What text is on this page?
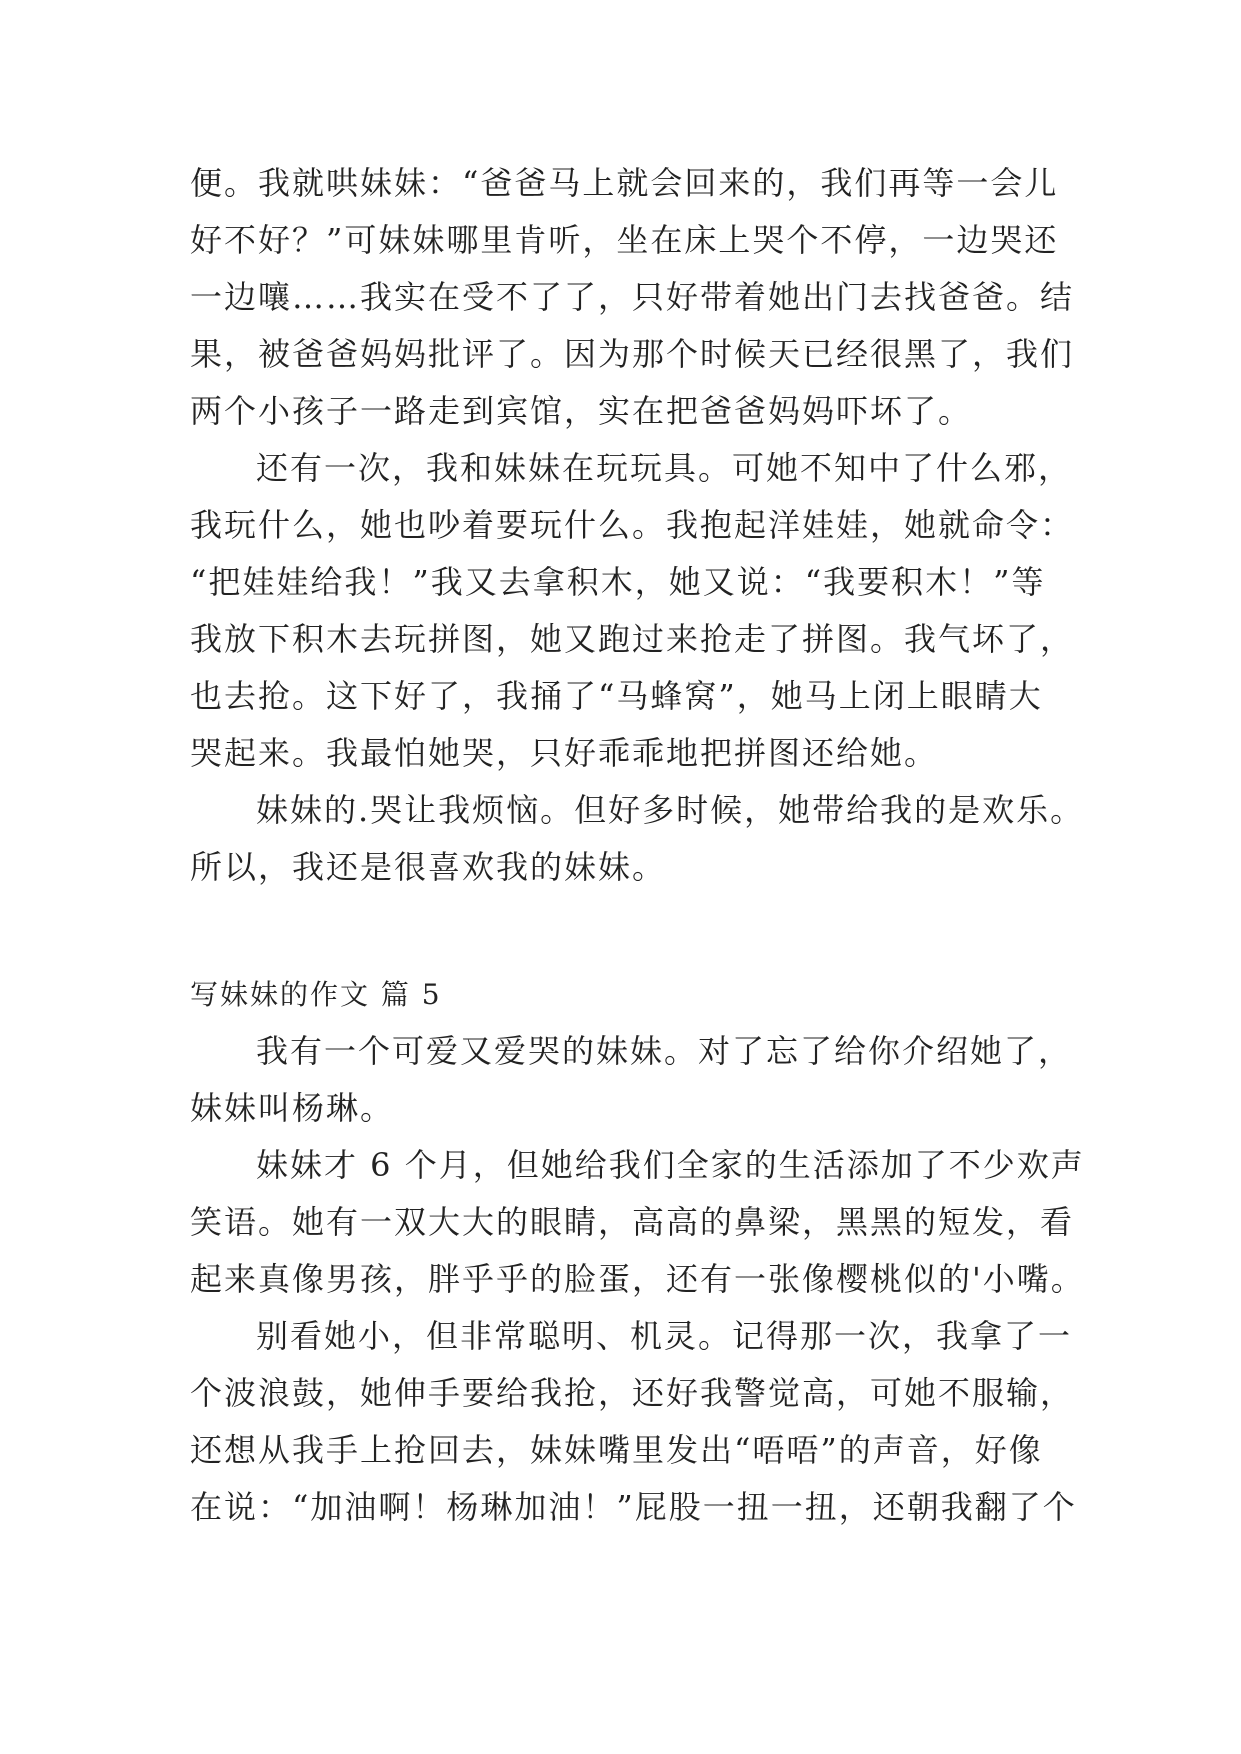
便。我就哄妹妹：“爸爸马上就会回来的，我们再等一会儿
好不好？”可妹妹哪里肯听，坐在床上哭个不停，一边哭还
一边嚷……我实在受不了了，只好带着她出门去找爸爸。结
果，被爸爸妈妈批评了。因为那个时候天已经很黑了，我们
两个小孩子一路走到宾馆，实在把爸爸妈妈吓坏了。
还有一次，我和妹妹在玩玩具。可她不知中了什么邪，
我玩什么，她也吵着要玩什么。我抱起洋娃娃，她就命令：
“把娃娃给我！”我又去拿积木，她又说：“我要积木！”等
我放下积木去玩拼图，她又跑过来抢走了拼图。我气坏了，
也去抢。这下好了，我捅了“马蜂窝”，她马上闭上眼睛大
哭起来。我最怕她哭，只好乖乖地把拼图还给她。
妹妹的.哭让我烦恼。但好多时候，她带给我的是欢乐。
所以，我还是很喜欢我的妹妹。
写妹妹的作文 篇 5
我有一个可爱又爱哭的妹妹。对了忘了给你介绍她了，
妹妹叫杨琳。
妹妹才 6 个月，但她给我们全家的生活添加了不少欢声
笑语。她有一双大大的眼睛，高高的鼻梁，黑黑的短发，看
起来真像男孩，胖乎乎的脸蛋，还有一张像樱桃似的'小嘴。
别看她小，但非常聪明、机灵。记得那一次，我拿了一
个波浪鼓，她伸手要给我抢，还好我警觉高，可她不服输，
还想从我手上抢回去，妹妹嘴里发出“唔唔”的声音，好像
在说：“加油啊！杨琳加油！”屁股一扭一扭，还朝我翻了个
